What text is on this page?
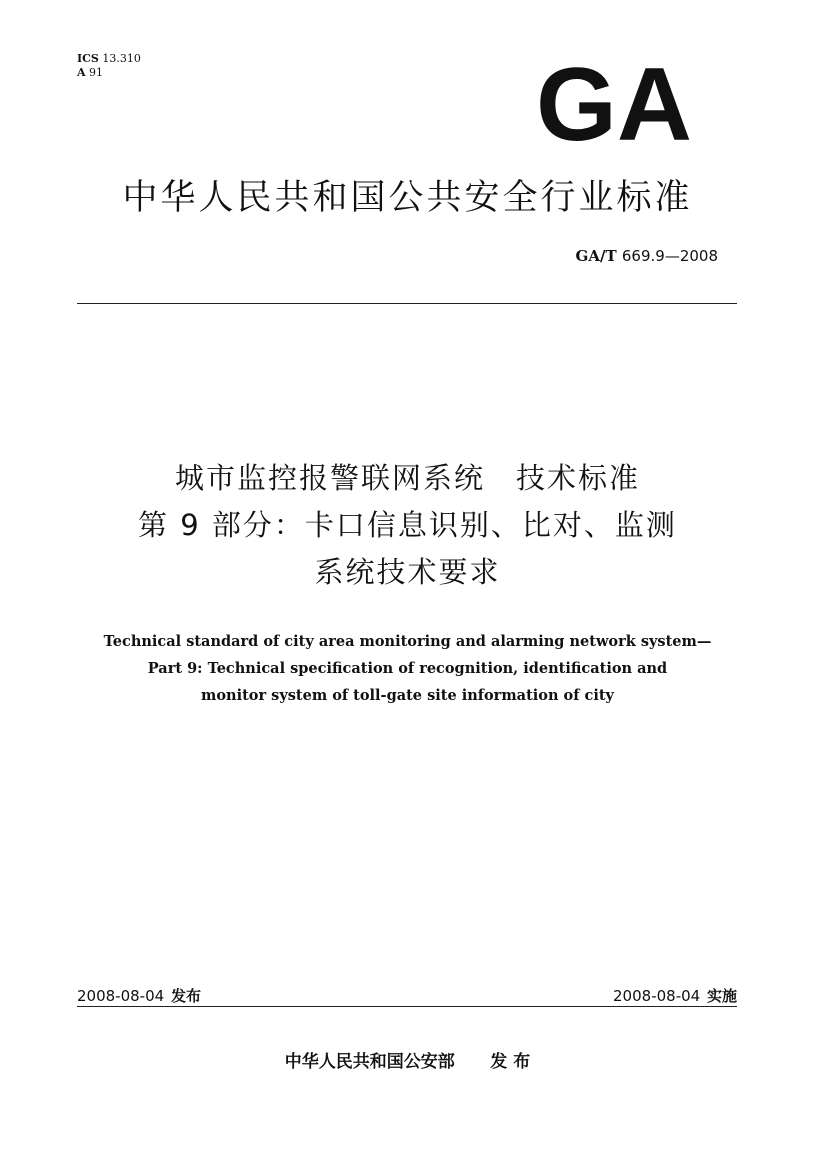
ICS 13.310
A 91	GA
中华人民共和国公共安全行业标准
GA/T 669.9—2008
城市监控报警联网系统　技术标准
第 9 部分：卡口信息识别、比对、监测
系统技术要求
Technical standard of city area monitoring and alarming network system—
Part 9: Technical specification of recognition, identification and
monitor system of toll-gate site information of city
2008-08-04 发布	2008-08-04 实施
中华人民共和国公安部 发 布
